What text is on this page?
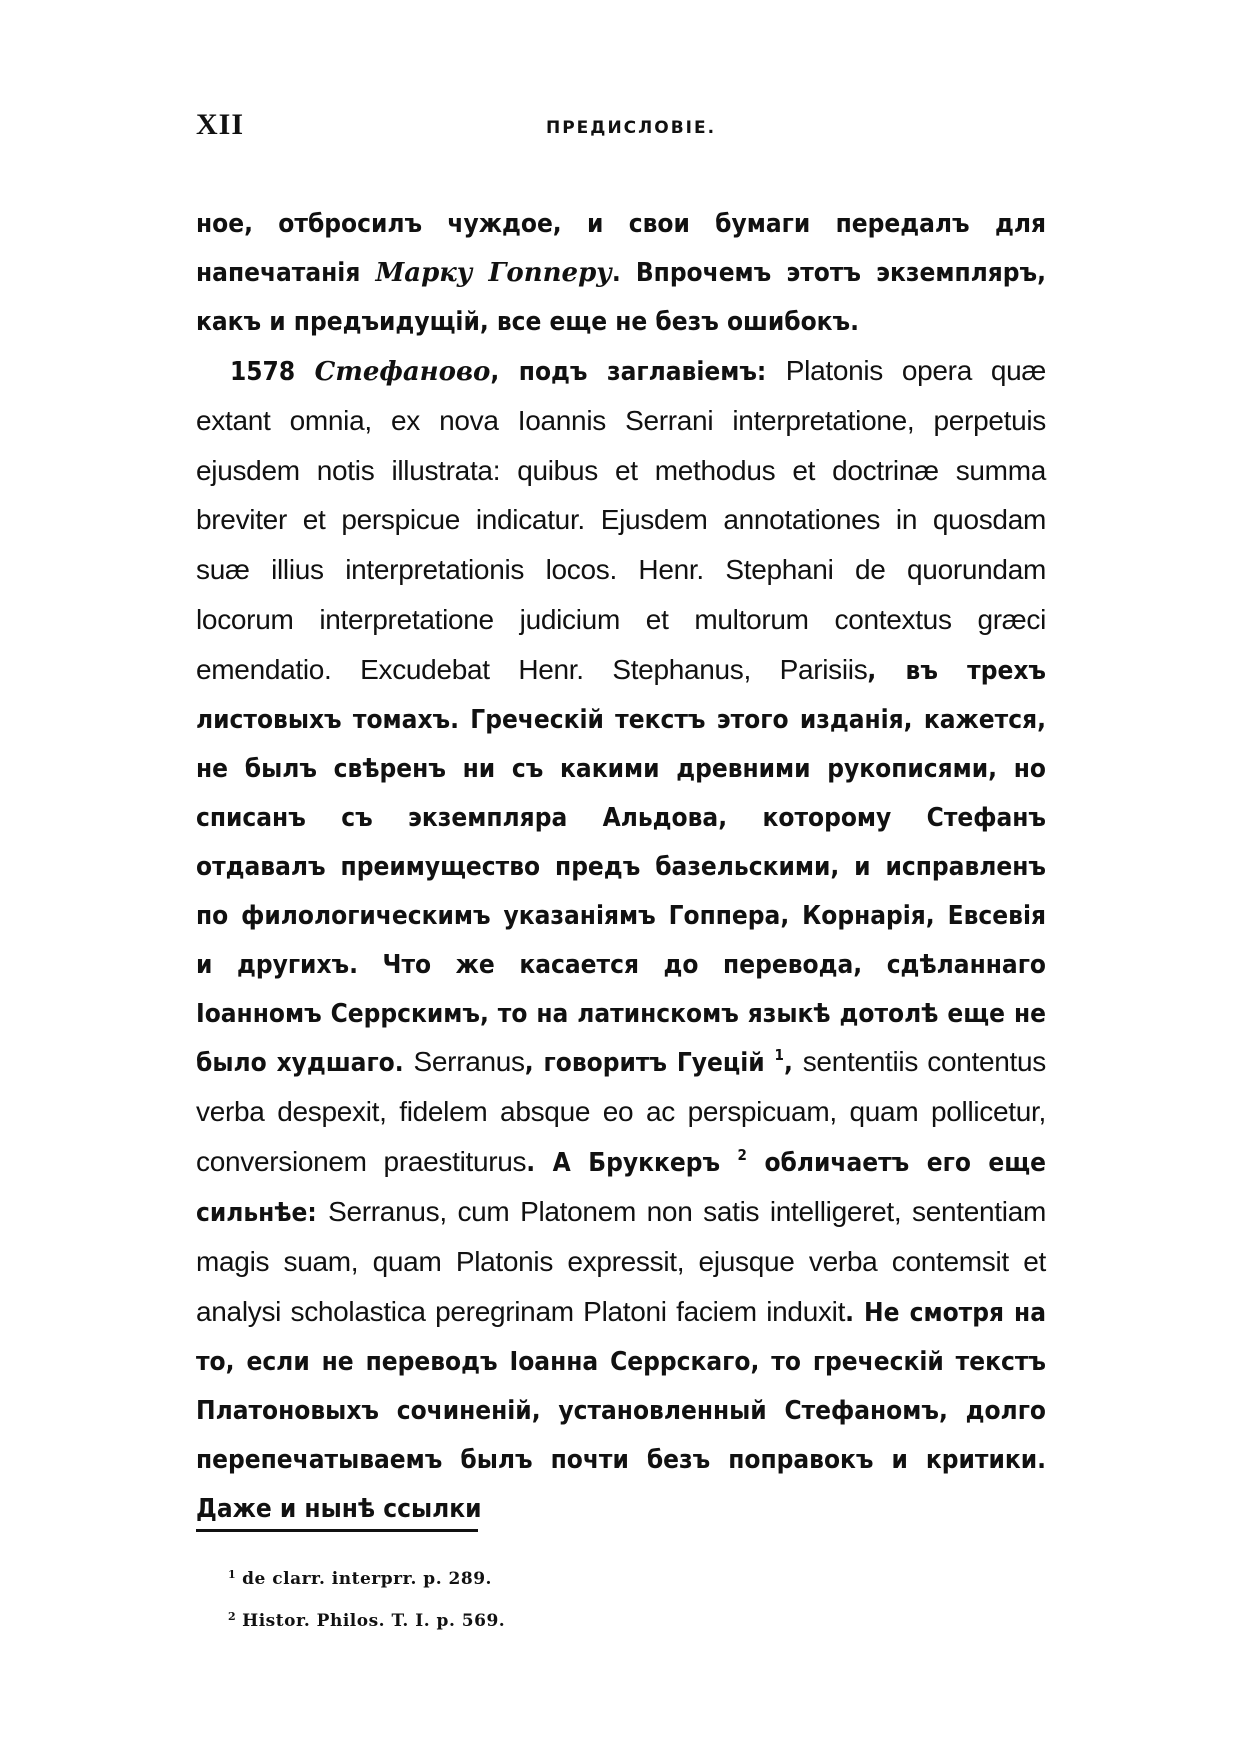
XII	ПРЕДИСЛОВІЕ.

ное, отбросилъ чуждое, и свои бумаги передалъ для напечатанія Марку Гопперу. Впрочемъ этотъ экземпляръ, какъ и предъидущій, все еще не безъ ошибокъ.

1578 Стефаново, подъ заглавіемъ: Platonis opera quæ extant omnia, ex nova Ioannis Serrani interpretatione, perpetuis ejusdem notis illustrata: quibus et methodus et doctrinæ summa breviter et perspicue indicatur. Ejusdem annotationes in quosdam suæ illius interpretationis locos. Henr. Stephani de quorundam locorum interpretatione judicium et multorum contextus græci emendatio. Excudebat Henr. Stephanus, Parisiis, въ трехъ листовыхъ томахъ. Греческій текстъ этого изданія, кажется, не былъ свѣренъ ни съ какими древними рукописями, но списанъ съ экземпляра Альдова, которому Стефанъ отдавалъ преимущество предъ базельскими, и исправленъ по филологическимъ указаніямъ Гоппера, Корнарія, Евсевія и другихъ. Что же касается до перевода, сдѣланнаго Іоанномъ Серрскимъ, то на латинскомъ языкѣ дотолѣ еще не было худшаго. Serranus, говоритъ Гуецій $^1$, sententiis contentus verba despexit, fidelem absque eo ac perspicuam, quam pollicetur, conversionem praestiturus. А Бруккеръ $^2$ обличаетъ его еще сильнѣе: Serranus, cum Platonem non satis intelligeret, sententiam magis suam, quam Platonis expressit, ejusque verba contemsit et analysi scholastica peregrinam Platoni faciem induxit. Не смотря на то, если не переводъ Іоанна Серрскаго, то греческій текстъ Платоновыхъ сочиненій, установленный Стефаномъ, долго перепечатываемъ былъ почти безъ поправокъ и критики. Даже и нынѣ ссылки

$^1$ de clarr. interprr. p. 289.
$^2$ Histor. Philos. T. I. p. 569.
